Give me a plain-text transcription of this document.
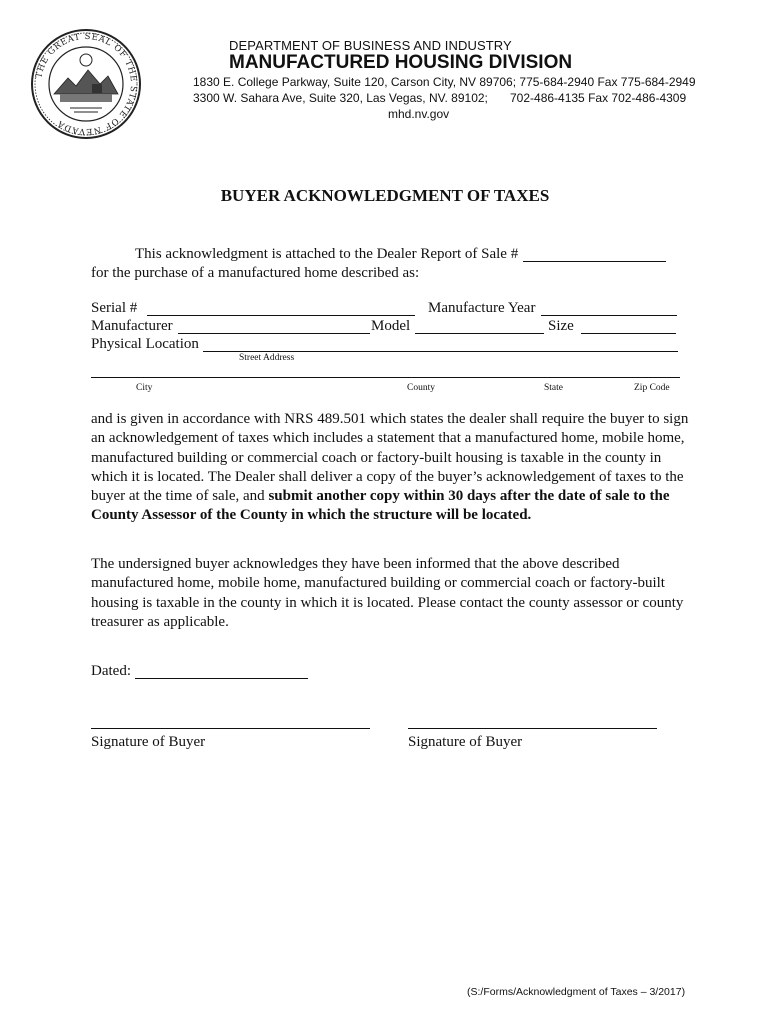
THE GREAT SEAL OF THE STATE OF NEVADA
DEPARTMENT OF BUSINESS AND INDUSTRY
MANUFACTURED HOUSING DIVISION
1830 E. College Parkway, Suite 120, Carson City, NV 89706; 775-684-2940 Fax 775-684-2949
3300 W. Sahara Ave, Suite 320, Las Vegas, NV. 89102; 702-486-4135 Fax 702-486-4309
mhd.nv.gov
BUYER ACKNOWLEDGMENT OF TAXES
This acknowledgment is attached to the Dealer Report of Sale #
for the purchase of a manufactured home described as:
Serial #	Manufacture Year
Manufacturer	Model	Size
Physical Location
Street Address
City	County	State	Zip Code
and is given in accordance with NRS 489.501 which states the dealer shall require the buyer to sign an acknowledgement of taxes which includes a statement that a manufactured home, mobile home, manufactured building or commercial coach or factory-built housing is taxable in the county in which it is located. The Dealer shall deliver a copy of the buyer’s acknowledgement of taxes to the buyer at the time of sale, and submit another copy within 30 days after the date of sale to the County Assessor of the County in which the structure will be located.
The undersigned buyer acknowledges they have been informed that the above described manufactured home, mobile home, manufactured building or commercial coach or factory-built housing is taxable in the county in which it is located. Please contact the county assessor or county treasurer as applicable.
Dated:
Signature of Buyer	Signature of Buyer
(S:/Forms/Acknowledgment of Taxes – 3/2017)
